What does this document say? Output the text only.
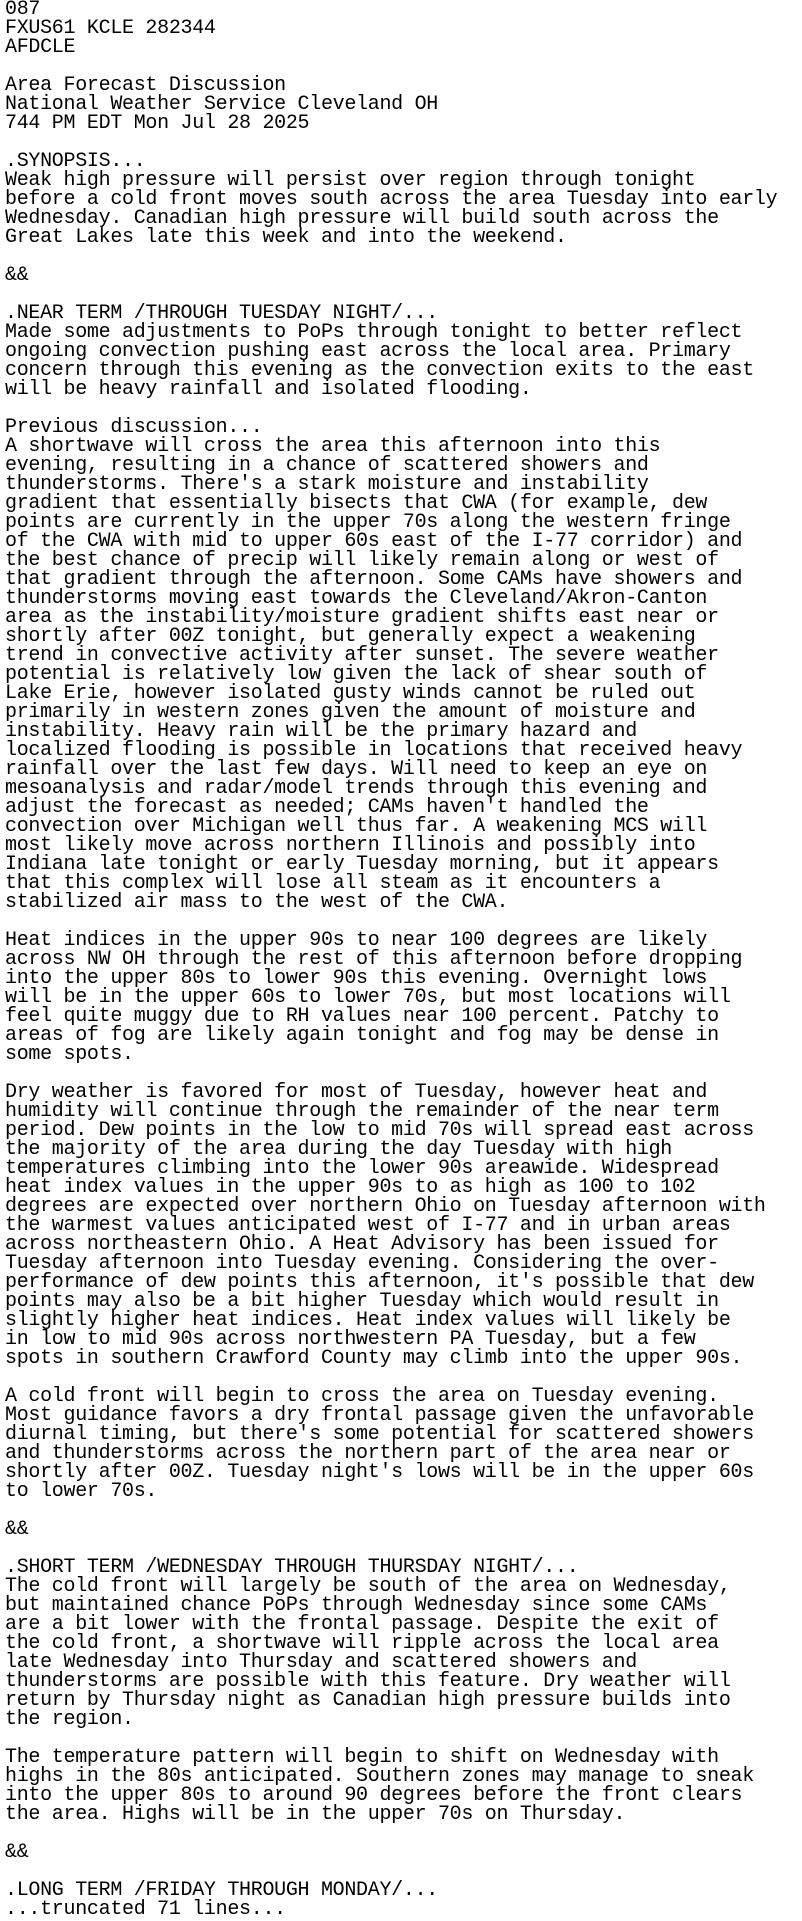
087
FXUS61 KCLE 282344
AFDCLE

Area Forecast Discussion
National Weather Service Cleveland OH
744 PM EDT Mon Jul 28 2025

.SYNOPSIS...
Weak high pressure will persist over region through tonight
before a cold front moves south across the area Tuesday into early
Wednesday. Canadian high pressure will build south across the
Great Lakes late this week and into the weekend.

&&

.NEAR TERM /THROUGH TUESDAY NIGHT/...
Made some adjustments to PoPs through tonight to better reflect
ongoing convection pushing east across the local area. Primary
concern through this evening as the convection exits to the east
will be heavy rainfall and isolated flooding.

Previous discussion...
A shortwave will cross the area this afternoon into this
evening, resulting in a chance of scattered showers and
thunderstorms. There's a stark moisture and instability
gradient that essentially bisects that CWA (for example, dew
points are currently in the upper 70s along the western fringe
of the CWA with mid to upper 60s east of the I-77 corridor) and
the best chance of precip will likely remain along or west of
that gradient through the afternoon. Some CAMs have showers and
thunderstorms moving east towards the Cleveland/Akron-Canton
area as the instability/moisture gradient shifts east near or
shortly after 00Z tonight, but generally expect a weakening
trend in convective activity after sunset. The severe weather
potential is relatively low given the lack of shear south of
Lake Erie, however isolated gusty winds cannot be ruled out
primarily in western zones given the amount of moisture and
instability. Heavy rain will be the primary hazard and
localized flooding is possible in locations that received heavy
rainfall over the last few days. Will need to keep an eye on
mesoanalysis and radar/model trends through this evening and
adjust the forecast as needed; CAMs haven't handled the
convection over Michigan well thus far. A weakening MCS will
most likely move across northern Illinois and possibly into
Indiana late tonight or early Tuesday morning, but it appears
that this complex will lose all steam as it encounters a
stabilized air mass to the west of the CWA.

Heat indices in the upper 90s to near 100 degrees are likely
across NW OH through the rest of this afternoon before dropping
into the upper 80s to lower 90s this evening. Overnight lows
will be in the upper 60s to lower 70s, but most locations will
feel quite muggy due to RH values near 100 percent. Patchy to
areas of fog are likely again tonight and fog may be dense in
some spots.

Dry weather is favored for most of Tuesday, however heat and
humidity will continue through the remainder of the near term
period. Dew points in the low to mid 70s will spread east across
the majority of the area during the day Tuesday with high
temperatures climbing into the lower 90s areawide. Widespread
heat index values in the upper 90s to as high as 100 to 102
degrees are expected over northern Ohio on Tuesday afternoon with
the warmest values anticipated west of I-77 and in urban areas
across northeastern Ohio. A Heat Advisory has been issued for
Tuesday afternoon into Tuesday evening. Considering the over-
performance of dew points this afternoon, it's possible that dew
points may also be a bit higher Tuesday which would result in
slightly higher heat indices. Heat index values will likely be
in low to mid 90s across northwestern PA Tuesday, but a few
spots in southern Crawford County may climb into the upper 90s.

A cold front will begin to cross the area on Tuesday evening.
Most guidance favors a dry frontal passage given the unfavorable
diurnal timing, but there's some potential for scattered showers
and thunderstorms across the northern part of the area near or
shortly after 00Z. Tuesday night's lows will be in the upper 60s
to lower 70s.

&&

.SHORT TERM /WEDNESDAY THROUGH THURSDAY NIGHT/...
The cold front will largely be south of the area on Wednesday,
but maintained chance PoPs through Wednesday since some CAMs
are a bit lower with the frontal passage. Despite the exit of
the cold front, a shortwave will ripple across the local area
late Wednesday into Thursday and scattered showers and
thunderstorms are possible with this feature. Dry weather will
return by Thursday night as Canadian high pressure builds into
the region.

The temperature pattern will begin to shift on Wednesday with
highs in the 80s anticipated. Southern zones may manage to sneak
into the upper 80s to around 90 degrees before the front clears
the area. Highs will be in the upper 70s on Thursday.

&&

.LONG TERM /FRIDAY THROUGH MONDAY/...
...truncated 71 lines...
